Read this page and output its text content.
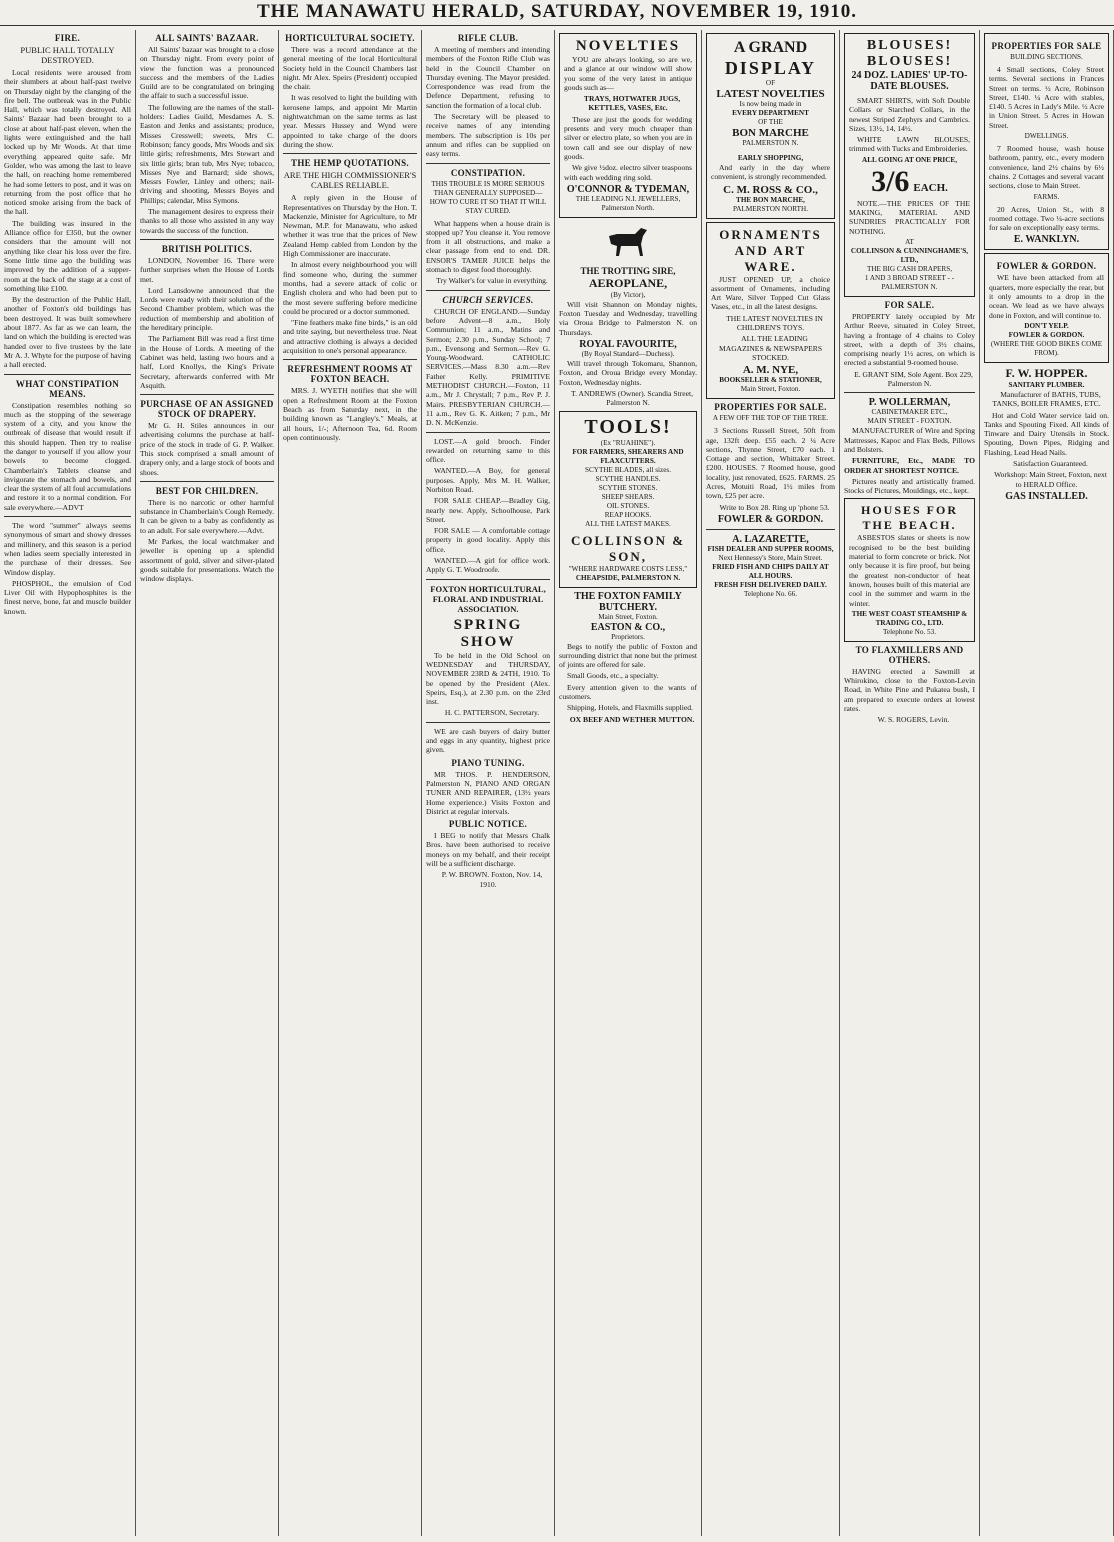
THE MANAWATU HERALD, SATURDAY, NOVEMBER 19, 1910.
FIRE.
PUBLIC HALL TOTALLY DESTROYED.

Local residents were aroused from their slumbers at about half-past twelve on Thursday night by the clanging of the fire bell. The outbreak was in the Public Hall, which was totally destroyed. All Saints' Bazaar had been brought to a close at about half-past eleven, when the lights were extinguished and the hall locked up by Mr Woods. At that time everything appeared quite safe. Mr Golder, who was among the last to leave the hall, on reaching home remembered he had some letters to post, and it was on returning from the post office that he noticed smoke arising from the back of the hall.

The building was insured in the Alliance office for £350, but the owner considers that the amount will not anything like clear his loss over the fire. Some little time ago the building was improved by the addition of a supper-room at the back of the stage at a cost of something like £100.

By the destruction of the Public Hall, another of Foxton's old buildings has been destroyed. It was built somewhere about 1877. As far as we can learn, the land on which the building is erected was handed over to five trustees by the late Mr A. J. Whyte for the purpose of having a hall erected.

WHAT CONSTIPATION MEANS.

Constipation resembles nothing so much as the stopping of the sewerage system of a city, and you know the outbreak of disease that would result if this should happen. Then try to realise the danger to yourself if you allow your bowels to become clogged. Chamberlain's Tablets cleanse and invigorate the stomach and bowels, and clear the system of all foul accumulations and restore it to a normal condition. For sale everywhere.—ADVT

The word "summer" always seems synonymous of smart and showy dresses and millinery, and this season is a period when ladies seem specially interested in the purchase of their dresses. See Window display.

PHOSPHOL, the emulsion of Cod Liver Oil with Hypophosphites is the finest nerve, bone, fat and muscle builder known.

ALL SAINTS' BAZAAR.

All Saints' bazaar was brought to a close on Thursday night. From every point of view the function was a pronounced success and the members of the Ladies Guild are to be congratulated on bringing the affair to such a successful issue.

The following are the names of the stall-holders: Ladies Guild, Mesdames A. S. Easton and Jenks and assistants; produce, Misses Cresswell; sweets, Mrs C. Robinson; fancy goods, Mrs Woods and six little girls; refreshments, Mrs Stewart and six little girls; bran tub, Mrs Nye; tobacco, Misses Nye and Barnard; side shows, Messrs Fowler, Linley and others; nail-driving and shooting, Messrs Boyes and Phillips; calendar, Miss Symons.

The management desires to express their thanks to all those who assisted in any way towards the success of the function.

BRITISH POLITICS.

LONDON, November 16. There were further surprises when the House of Lords met.

Lord Lansdowne announced that the Lords were ready with their solution of the Second Chamber problem, which was the reduction of membership and abolition of the hereditary principle.

The Parliament Bill was read a first time in the House of Lords. A meeting of the Cabinet was held, lasting two hours and a half, Lord Knollys, the King's Private Secretary, afterwards conferred with Mr Asquith.

PURCHASE OF AN ASSIGNED STOCK OF DRAPERY.

Mr G. H. Stiles announces in our advertising columns the purchase at half-price of the stock in trade of G. P. Walker. This stock comprised a small amount of drapery only, and a large stock of boots and shoes.

BEST FOR CHILDREN.

There is no narcotic or other harmful substance in Chamberlain's Cough Remedy. It can be given to a baby as confidently as to an adult. For sale everywhere.—Advt.

Mr Parkes, the local watchmaker and jeweller is opening up a splendid assortment of gold, silver and silver-plated goods suitable for presentations. Watch the window displays.

HORTICULTURAL SOCIETY.

There was a record attendance at the general meeting of the local Horticultural Society held in the Council Chambers last night. Mr Alex. Speirs (President) occupied the chair.

It was resolved to light the building with kerosene lamps, and appoint Mr Martin nightwatchman on the same terms as last year. Messrs Hussey and Wynd were appointed to take charge of the doors during the show.

THE HEMP QUOTATIONS.
ARE THE HIGH COMMISSIONER'S CABLES RELIABLE.

A reply given in the House of Representatives on Thursday by the Hon. T. Mackenzie, Minister for Agriculture, to Mr Newman, M.P. for Manawatu, who asked whether it was true that the prices of New Zealand Hemp cabled from London by the High Commissioner are inaccurate.

In almost every neighbourhood you will find someone who, during the summer months, had a severe attack of colic or English cholera and who had been put to the most severe suffering before medicine could be procured or a doctor summoned.

"Fine feathers make fine birds," is an old and trite saying, but nevertheless true. Neat and attractive clothing is always a decided acquisition to one's personal appearance.

REFRESHMENT ROOMS AT FOXTON BEACH.

MRS. J. WYETH notifies that she will open a Refreshment Room at the Foxton Beach as from Saturday next, in the building known as "Langley's." Meals, at all hours, 1/-; Afternoon Tea, 6d. Room open continuously.

RIFLE CLUB.

A meeting of members and intending members of the Foxton Rifle Club was held in the Council Chamber on Thursday evening. The Mayor presided. Correspondence was read from the Defence Department, refusing to sanction the formation of a local club.

The Secretary will be pleased to receive names of any intending members. The subscription is 10s per annum and rifles can be supplied on easy terms.

CONSTIPATION.
THIS TROUBLE IS MORE SERIOUS THAN GENERALLY SUPPOSED—HOW TO CURE IT SO THAT IT WILL STAY CURED.

What happens when a house drain is stopped up? You cleanse it. You remove from it all obstructions, and make a clear passage from end to end. DR. ENSOR'S TAMER JUICE helps the stomach to digest food thoroughly.

Try Walker's for value in everything.

CHURCH SERVICES.

CHURCH OF ENGLAND.—Sunday before Advent—8 a.m., Holy Communion; 11 a.m., Matins and Sermon; 2.30 p.m., Sunday School; 7 p.m., Evensong and Sermon.—Rev G. Young-Woodward. CATHOLIC SERVICES.—Mass 8.30 a.m.—Rev Father Kelly. PRIMITIVE METHODIST CHURCH.—Foxton, 11 a.m., Mr J. Chrystall; 7 p.m., Rev P. J. Mairs. PRESBYTERIAN CHURCH.—11 a.m., Rev G. K. Aitken; 7 p.m., Mr D. N. McKenzie.

LOST.—A gold brooch. Finder rewarded on returning same to this office.

WANTED.—A Boy, for general purposes. Apply, Mrs M. H. Walker, Norbiton Road.

FOR SALE CHEAP.—Bradley Gig, nearly new. Apply, Schoolhouse, Park Street.

FOR SALE — A comfortable cottage property in good locality. Apply this office.

WANTED.—A girl for office work. Apply G. T. Woodroofe.

FOXTON HORTICULTURAL, FLORAL AND INDUSTRIAL ASSOCIATION.
SPRING SHOW

To be held in the Old School on WEDNESDAY and THURSDAY, NOVEMBER 23RD & 24TH, 1910. To be opened by the President (Alex. Speirs, Esq.), at 2.30 p.m. on the 23rd inst.

H. C. PATTERSON, Secretary.

WE are cash buyers of dairy butter and eggs in any quantity, highest price given.

PIANO TUNING.

MR THOS. P. HENDERSON, Palmerston N, PIANO AND ORGAN TUNER AND REPAIRER, (13½ years Home experience.) Visits Foxton and District at regular intervals.

PUBLIC NOTICE.

I BEG to notify that Messrs Chalk Bros. have been authorised to receive moneys on my behalf, and their receipt will be a sufficient discharge.

P. W. BROWN. Foxton, Nov. 14, 1910.

NOVELTIES

YOU are always looking, so are we, and a glance at our window will show you some of the very latest in antique goods such as—

TRAYS, HOTWATER JUGS, KETTLES, VASES, Etc.

These are just the goods for wedding presents and very much cheaper than silver or electro plate, so when you are in town call and see our display of new goods.

We give ½doz. electro silver teaspoons with each wedding ring sold.

O'CONNOR & TYDEMAN,
THE LEADING N.I. JEWELLERS,
Palmerston North.
THE TROTTING SIRE,
AEROPLANE,
(By Victor),

Will visit Shannon on Monday nights, Foxton Tuesday and Wednesday, travelling via Oroua Bridge to Palmerston N. on Thursdays.

ROYAL FAVOURITE,
(By Royal Standard—Duchess).

Will travel through Tokomaru, Shannon, Foxton, and Oroua Bridge every Monday. Foxton, Wednesday nights.

T. ANDREWS (Owner). Scandia Street, Palmerston N.

TOOLS!
(Ex "RUAHINE").
FOR FARMERS, SHEARERS AND FLAXCUTTERS.
SCYTHE BLADES, all sizes.
SCYTHE HANDLES.
SCYTHE STONES.
SHEEP SHEARS.
OIL STONES.
REAP HOOKS.
ALL THE LATEST MAKES.
COLLINSON & SON,
"WHERE HARDWARE COSTS LESS,"
CHEAPSIDE, PALMERSTON N.
THE FOXTON FAMILY BUTCHERY.
Main Street, Foxton.
EASTON & CO.,
Proprietors.

Begs to notify the public of Foxton and surrounding district that none but the primest of joints are offered for sale.

Small Goods, etc., a specialty.

Every attention given to the wants of customers.

Shipping, Hotels, and Flaxmills supplied.

OX BEEF AND WETHER MUTTON.

A GRAND
DISPLAY
OF
LATEST NOVELTIES
Is now being made in
EVERY DEPARTMENT
OF THE
BON MARCHE
PALMERSTON N.
EARLY SHOPPING,

And early in the day where convenient, is strongly recommended.

C. M. ROSS & CO.,
THE BON MARCHE,
PALMERSTON NORTH.
ORNAMENTS AND ART WARE.

JUST OPENED UP, a choice assortment of Ornaments, including Art Ware, Silver Topped Cut Glass Vases, etc., in all the latest designs.

THE LATEST NOVELTIES IN CHILDREN'S TOYS.

ALL THE LEADING MAGAZINES & NEWSPAPERS STOCKED.

A. M. NYE,
BOOKSELLER & STATIONER,
Main Street, Foxton.
PROPERTIES FOR SALE.
A FEW OFF THE TOP OF THE TREE.

3 Sections Russell Street, 50ft from age, 132ft deep. £55 each. 2 ¼ Acre sections, Thynne Street, £70 each. 1 Cottage and section, Whittaker Street. £200. HOUSES. 7 Roomed house, good locality, just renovated, £625. FARMS. 25 Acres, Motuiti Road, 1½ miles from town, £25 per acre.

Write to Box 28. Ring up 'phone 53.

FOWLER & GORDON.
A. LAZARETTE,
FISH DEALER AND SUPPER ROOMS,
Next Hennessy's Store, Main Street.
FRIED FISH AND CHIPS DAILY AT ALL HOURS.
FRESH FISH DELIVERED DAILY.
Telephone No. 66.
BLOUSES! BLOUSES!
24 DOZ. LADIES' UP-TO-DATE BLOUSES.

SMART SHIRTS, with Soft Double Collars or Starched Collars, in the newest Striped Zephyrs and Cambrics. Sizes, 13½, 14, 14½.

WHITE LAWN BLOUSES, trimmed with Tucks and Embroideries.

ALL GOING AT ONE PRICE,
3/6 EACH.

NOTE.—THE PRICES OF THE MAKING, MATERIAL AND SUNDRIES PRACTICALLY FOR NOTHING.

AT
COLLINSON & CUNNINGHAME'S, LTD.,
THE BIG CASH DRAPERS,
1 AND 3 BROAD STREET - - PALMERSTON N.
FOR SALE.

PROPERTY lately occupied by Mr Arthur Reeve, situated in Coley Street, having a frontage of 4 chains to Coley street, with a depth of 3½ chains, comprising nearly 1½ acres, on which is erected a substantial 9-roomed house.

E. GRANT SIM, Sole Agent. Box 229, Palmerston N.

P. WOLLERMAN,
CABINETMAKER ETC.,
MAIN STREET - FOXTON.

MANUFACTURER of Wire and Spring Mattresses, Kapoc and Flax Beds, Pillows and Bolsters.

FURNITURE, Etc., MADE TO ORDER AT SHORTEST NOTICE.

Pictures neatly and artistically framed. Stocks of Pictures, Mouldings, etc., kept.

HOUSES FOR THE BEACH.

ASBESTOS slates or sheets is now recognised to be the best building material to form concrete or brick. Not only because it is fire proof, but being the greatest non-conductor of heat known, houses built of this material are cool in the summer and warm in the winter.

THE WEST COAST STEAMSHIP & TRADING CO., LTD.
Telephone No. 53.
TO FLAXMILLERS AND OTHERS.

HAVING erected a Sawmill at Whirokino, close to the Foxton-Levin Road, in White Pine and Pukatea bush, I am prepared to execute orders at lowest rates.

W. S. ROGERS, Levin.

PROPERTIES FOR SALE
BUILDING SECTIONS.

4 Small sections, Coley Street terms. Several sections in Frances Street on terms. ½ Acre, Robinson Street, £140. ¼ Acre with stables, £140. 5 Acres in Lady's Mile. ½ Acre in Union Street. 5 Acres in Howan Street.

DWELLINGS.

7 Roomed house, wash house bathroom, pantry, etc., every modern convenience, land 2½ chains by 6½ chains. 2 Cottages and several vacant sections, close to Main Street.

FARMS.

20 Acres, Union St., with 8 roomed cottage. Two ¼-acre sections for sale on exceptionally easy terms.

E. WANKLYN.
FOWLER & GORDON.

WE have been attacked from all quarters, more especially the rear, but it only amounts to a drop in the ocean. We lead as we have always done in Foxton, and will continue to.

DON'T YELP.
FOWLER & GORDON.
(WHERE THE GOOD BIKES COME FROM).
F. W. HOPPER.
SANITARY PLUMBER.

Manufacturer of BATHS, TUBS, TANKS, BOILER FRAMES, ETC.

Hot and Cold Water service laid on. Tanks and Spouting Fixed. All kinds of Tinware and Dairy Utensils in Stock. Spouting, Down Pipes, Ridging and Flashing, Lead Head Nails.

Satisfaction Guaranteed.

Workshop: Main Street, Foxton, next to HERALD Office.

GAS INSTALLED.
